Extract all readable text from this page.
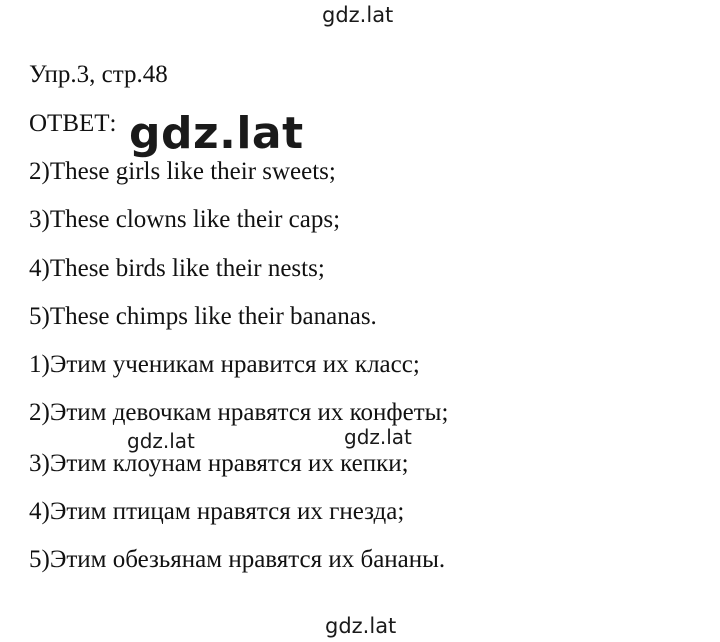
gdz.lat
Упр.3, стр.48
ОТВЕТ: gdz.lat
2)These girls like their sweets;
3)These clowns like their caps;
4)These birds like their nests;
5)These chimps like their bananas.
1)Этим ученикам нравится их класс;
2)Этим девочкам нравятся их конфеты;
gdz.lat	gdz.lat
3)Этим клоунам нравятся их кепки;
4)Этим птицам нравятся их гнезда;
5)Этим обезьянам нравятся их бананы.
gdz.lat
